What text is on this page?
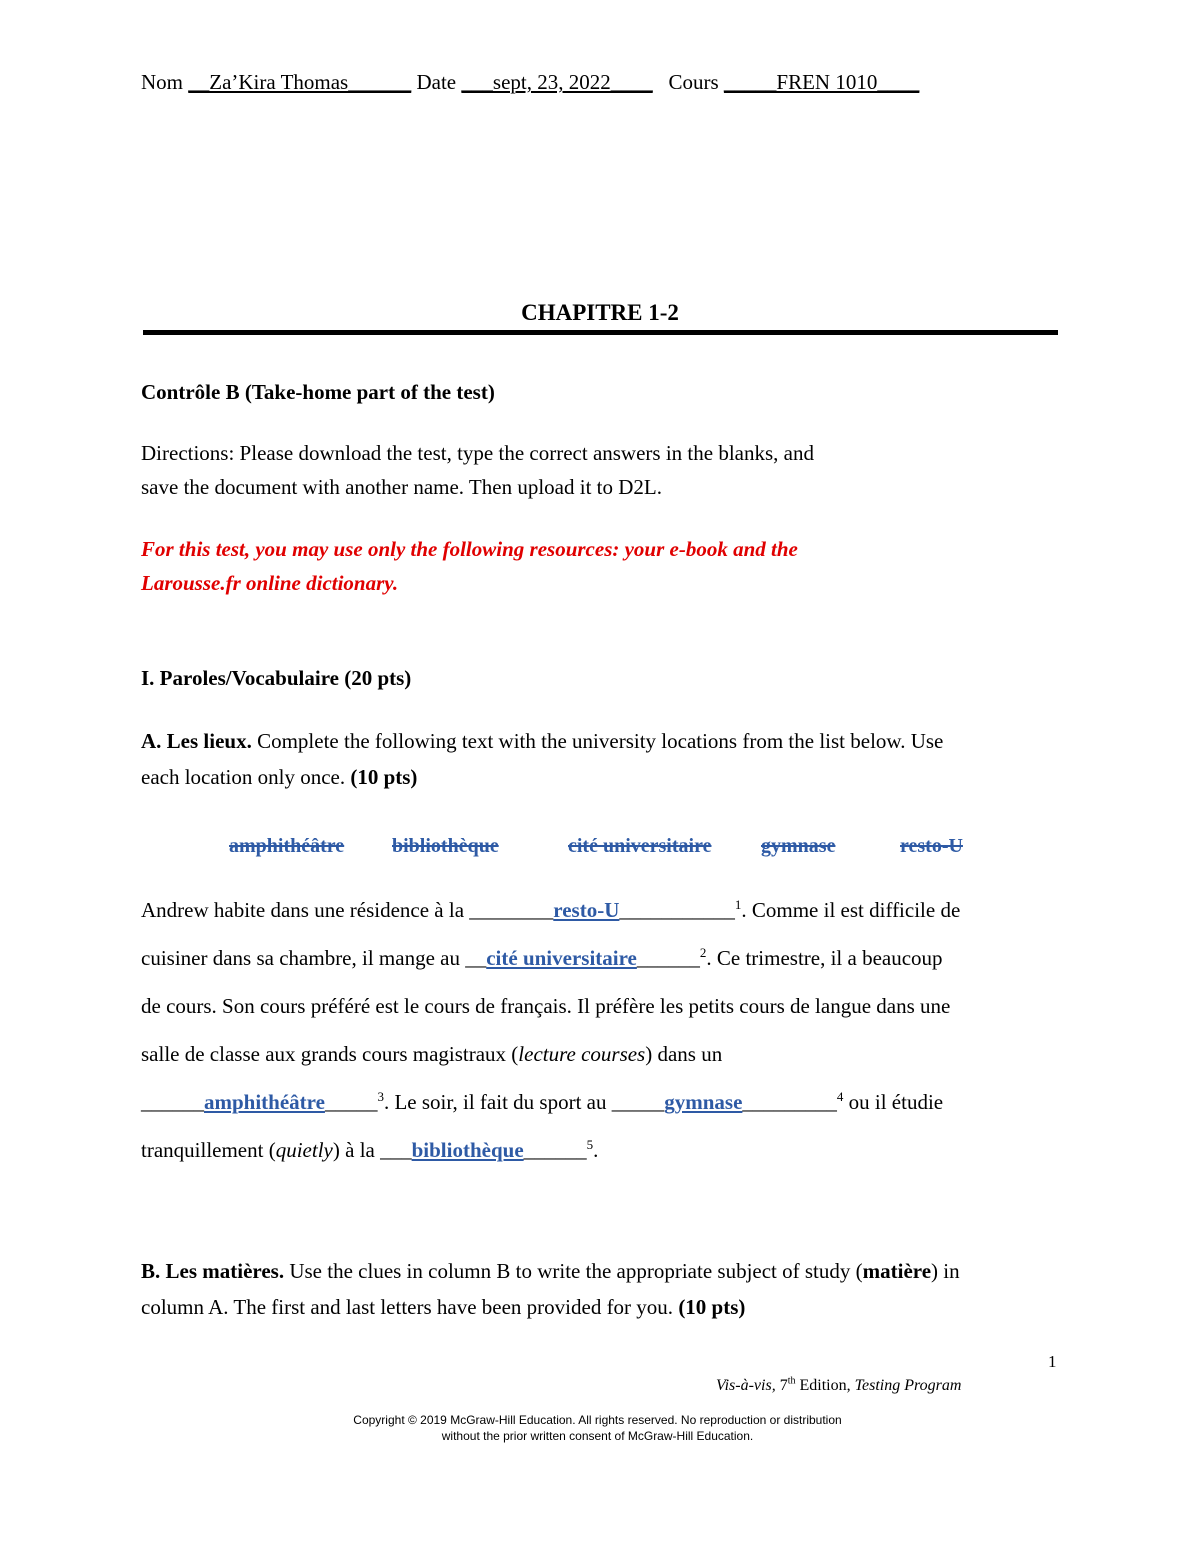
Nom __Za’Kira Thomas______ Date ___sept, 23, 2022____ Cours _____FREN 1010____
CHAPITRE 1-2
Contrôle B (Take-home part of the test)
Directions: Please download the test, type the correct answers in the blanks, and
save the document with another name. Then upload it to D2L.
For this test, you may use only the following resources: your e-book and the
Larousse.fr online dictionary.
I. Paroles/Vocabulaire (20 pts)
A. Les lieux. Complete the following text with the university locations from the list below. Use
each location only once. (10 pts)
amphithéâtre bibliothèque	cité universitaire gymnase	resto-U
Andrew habite dans une résidence à la ________resto-U___________$^1$. Comme il est difficile de
cuisiner dans sa chambre, il mange au __cité universitaire______$^2$. Ce trimestre, il a beaucoup
de cours. Son cours préféré est le cours de français. Il préfère les petits cours de langue dans une
salle de classe aux grands cours magistraux (lecture courses) dans un
______amphithéâtre_____$^3$. Le soir, il fait du sport au _____gymnase_________$^4$ ou il étudie
tranquillement (quietly) à la ___bibliothèque______$^5$.
B. Les matières. Use the clues in column B to write the appropriate subject of study (matière) in
column A. The first and last letters have been provided for you. (10 pts)
1
Vis-à-vis, 7th Edition, Testing Program
Copyright © 2019 McGraw-Hill Education. All rights reserved. No reproduction or distribution
without the prior written consent of McGraw-Hill Education.
